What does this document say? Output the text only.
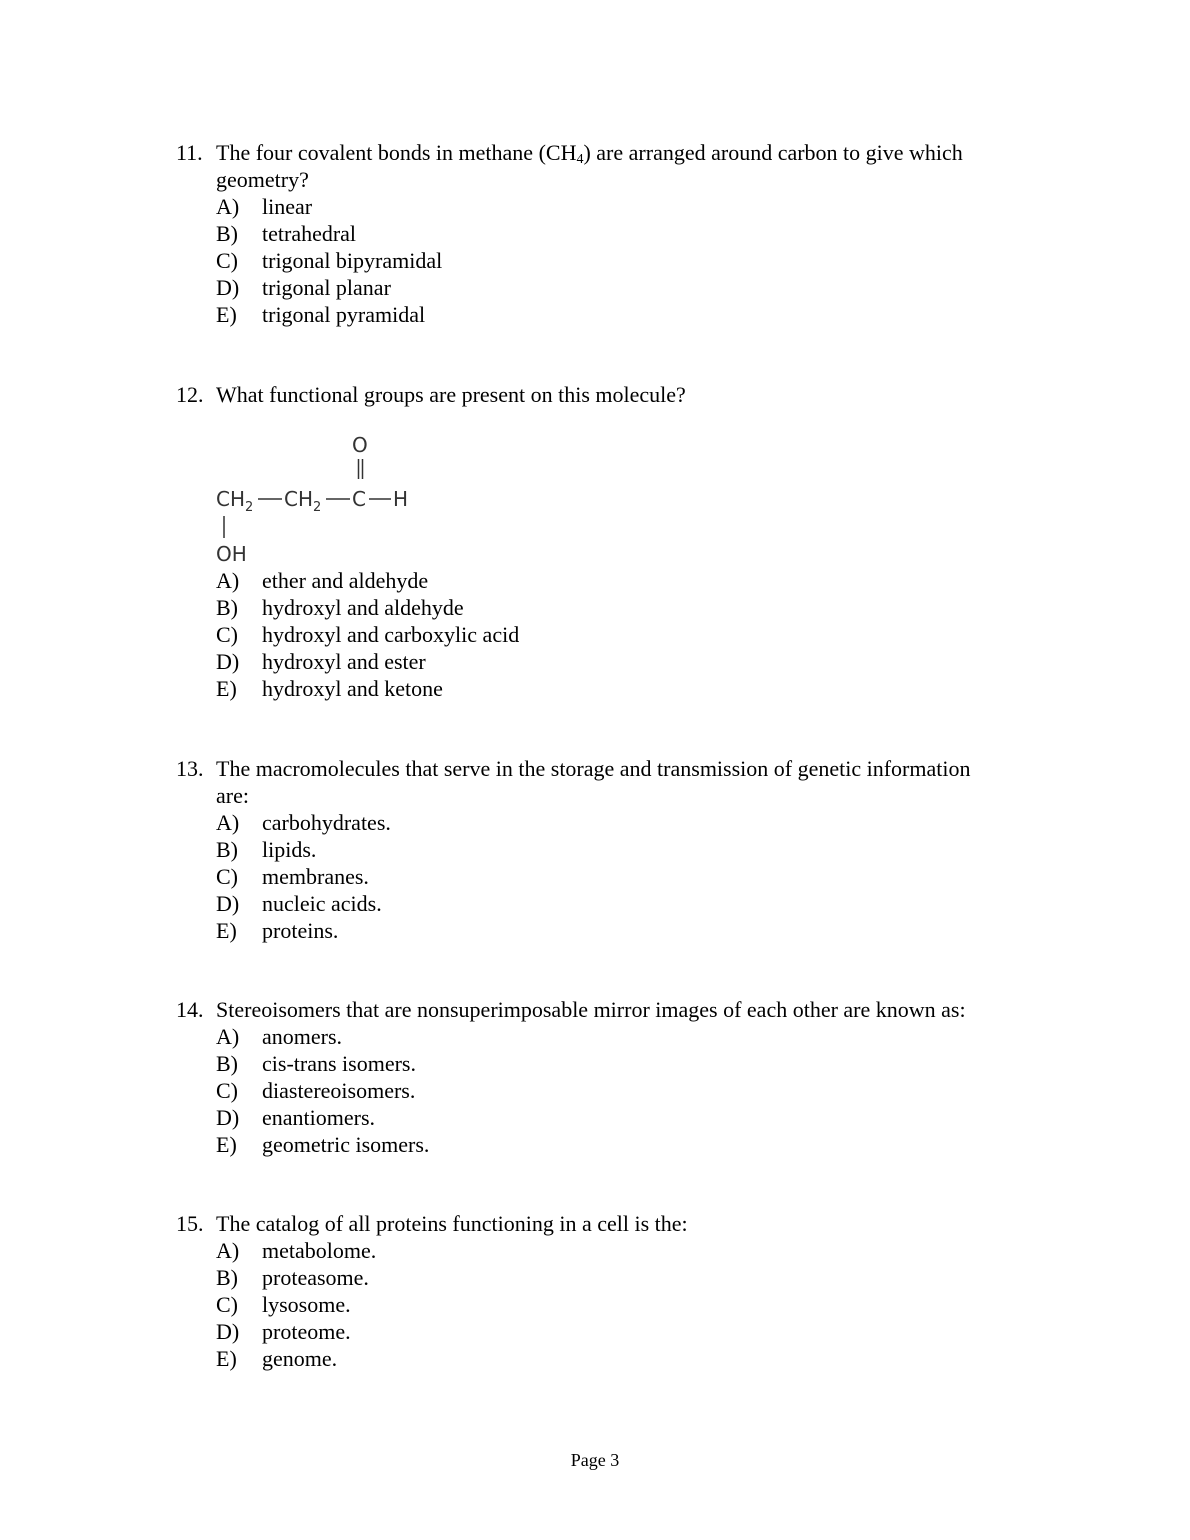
11. The four covalent bonds in methane $(CH_4)$ are arranged around carbon to give which
geometry?
A) linear
B) tetrahedral
C) trigonal bipyramidal
D) trigonal planar
E) trigonal pyramidal
12. What functional groups are present on this molecule?
O
$CH_2$ $CH_2$ C H
OH
A) ether and aldehyde
B) hydroxyl and aldehyde
C) hydroxyl and carboxylic acid
D) hydroxyl and ester
E) hydroxyl and ketone
13. The macromolecules that serve in the storage and transmission of genetic information
are:
A) carbohydrates.
B) lipids.
C) membranes.
D) nucleic acids.
E) proteins.
14. Stereoisomers that are nonsuperimposable mirror images of each other are known as:
A) anomers.
B) cis-trans isomers.
C) diastereoisomers.
D) enantiomers.
E) geometric isomers.
15. The catalog of all proteins functioning in a cell is the:
A) metabolome.
B) proteasome.
C) lysosome.
D) proteome.
E) genome.
Page 3
